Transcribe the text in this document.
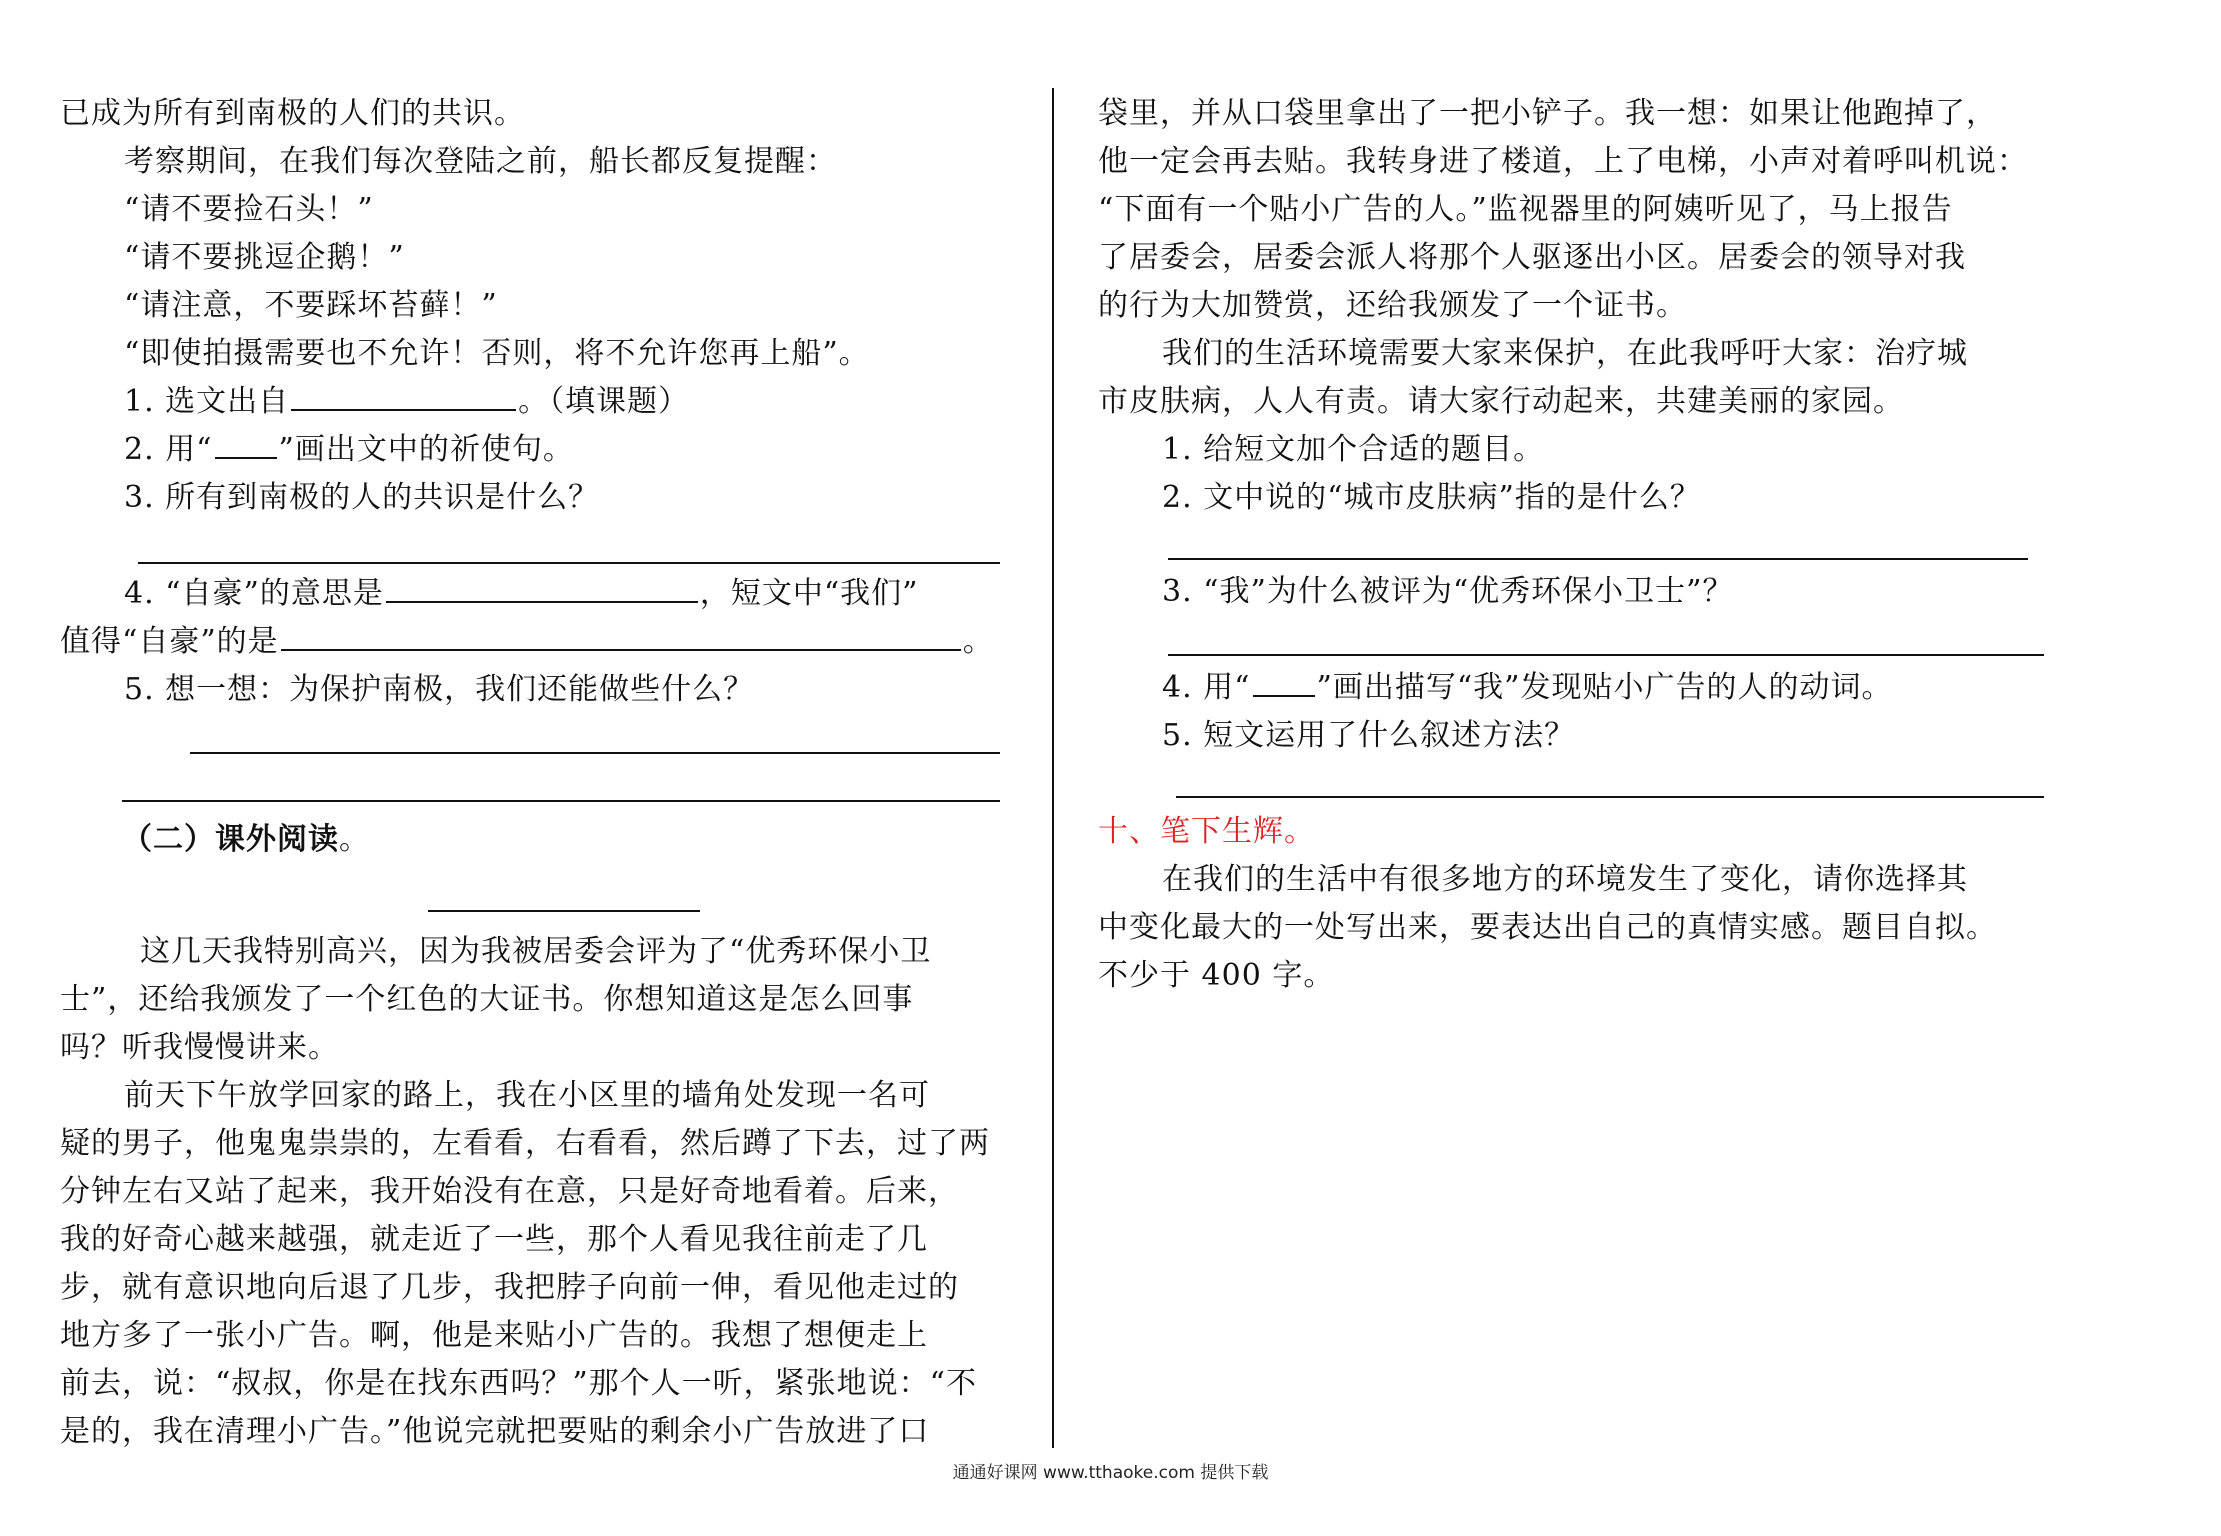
已成为所有到南极的人们的共识。
考察期间，在我们每次登陆之前，船长都反复提醒：
“请不要捡石头！”
“请不要挑逗企鹅！”
“请注意，不要踩坏苔藓！”
“即使拍摄需要也不允许！否则，将不允许您再上船”。
1. 选文出自	。（填课题）
2. 用“ ”画出文中的祈使句。
3. 所有到南极的人的共识是什么？
4. “自豪”的意思是	，短文中“我们”
值得“自豪”的是	。
5. 想一想：为保护南极，我们还能做些什么？
（二）课外阅读。
这几天我特别高兴，因为我被居委会评为了“优秀环保小卫
士”，还给我颁发了一个红色的大证书。你想知道这是怎么回事
吗？听我慢慢讲来。
前天下午放学回家的路上，我在小区里的墙角处发现一名可
疑的男子，他鬼鬼祟祟的，左看看，右看看，然后蹲了下去，过了两
分钟左右又站了起来，我开始没有在意，只是好奇地看着。后来，
我的好奇心越来越强，就走近了一些，那个人看见我往前走了几
步，就有意识地向后退了几步，我把脖子向前一伸，看见他走过的
地方多了一张小广告。啊，他是来贴小广告的。我想了想便走上
前去，说：“叔叔，你是在找东西吗？”那个人一听，紧张地说：“不
是的，我在清理小广告。”他说完就把要贴的剩余小广告放进了口
袋里，并从口袋里拿出了一把小铲子。我一想：如果让他跑掉了，
他一定会再去贴。我转身进了楼道，上了电梯，小声对着呼叫机说：
“下面有一个贴小广告的人。”监视器里的阿姨听见了，马上报告
了居委会，居委会派人将那个人驱逐出小区。居委会的领导对我
的行为大加赞赏，还给我颁发了一个证书。
我们的生活环境需要大家来保护，在此我呼吁大家：治疗城
市皮肤病，人人有责。请大家行动起来，共建美丽的家园。
1. 给短文加个合适的题目。
2. 文中说的“城市皮肤病”指的是什么？
3. “我”为什么被评为“优秀环保小卫士”？
4. 用“ ”画出描写“我”发现贴小广告的人的动词。
5. 短文运用了什么叙述方法？
十、笔下生辉。
在我们的生活中有很多地方的环境发生了变化，请你选择其
中变化最大的一处写出来，要表达出自己的真情实感。题目自拟。
不少于 400 字。
通通好课网 www.tthaoke.com 提供下载
